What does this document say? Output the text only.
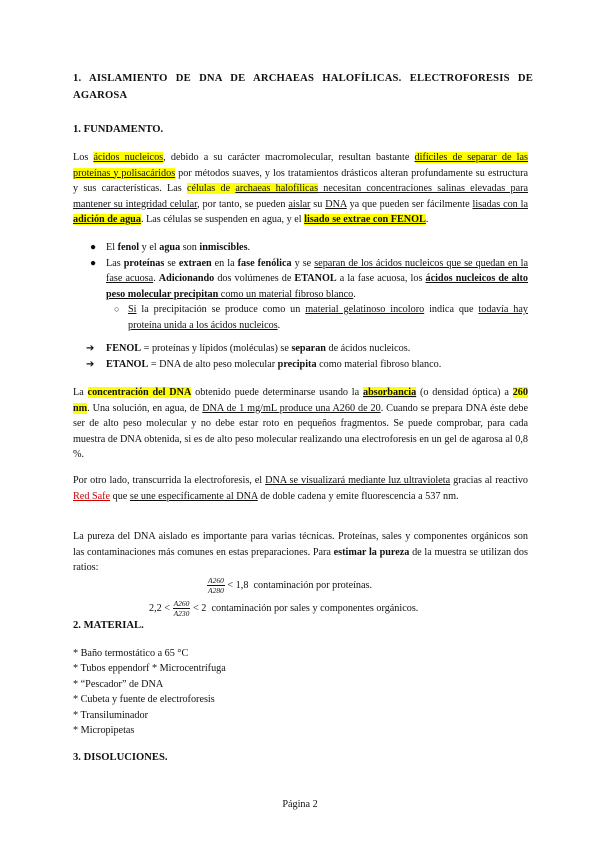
1. AISLAMIENTO DE DNA DE ARCHAEAS HALOFÍLICAS. ELECTROFORESIS DE AGAROSA
1. FUNDAMENTO.
Los ácidos nucleicos, debido a su carácter macromolecular, resultan bastante difíciles de separar de las proteínas y polisacáridos por métodos suaves, y los tratamientos drásticos alteran profundamente su estructura y sus características. Las células de archaeas halofílicas necesitan concentraciones salinas elevadas para mantener su integridad celular, por tanto, se pueden aislar su DNA ya que pueden ser fácilmente lisadas con la adición de agua. Las células se suspenden en agua, y el lisado se extrae con FENOL.
● El fenol y el agua son inmiscibles.
● Las proteínas se extraen en la fase fenólica y se separan de los ácidos nucleicos que se quedan en la fase acuosa. Adicionando dos volúmenes de ETANOL a la fase acuosa, los ácidos nucleicos de alto peso molecular precipitan como un material fibroso blanco.
○ Si la precipitación se produce como un material gelatinoso incoloro indica que todavía hay proteína unida a los ácidos nucleicos.
➔ FENOL = proteínas y lípidos (moléculas) se separan de ácidos nucleicos.
➔ ETANOL = DNA de alto peso molecular precipita como material fibroso blanco.
La concentración del DNA obtenido puede determinarse usando la absorbancia (o densidad óptica) a 260 nm. Una solución, en agua, de DNA de 1 mg/mL produce una A260 de 20. Cuando se prepara DNA éste debe ser de alto peso molecular y no debe estar roto en pequeños fragmentos. Se puede comprobar, para cada muestra de DNA obtenida, si es de alto peso molecular realizando una electroforesis en un gel de agarosa al 0,8 %.
Por otro lado, transcurrida la electroforesis, el DNA se visualizará mediante luz ultravioleta gracias al reactivo Red Safe que se une específicamente al DNA de doble cadena y emite fluorescencia a 537 nm.
La pureza del DNA aislado es importante para varias técnicas. Proteínas, sales y componentes orgánicos son las contaminaciones más comunes en estas preparaciones. Para estimar la pureza de la muestra se utilizan dos ratios:
$\frac{A260}{A280} < 1,8$ contaminación por proteínas.
$2,2 < \frac{A260}{A230} < 2$ contaminación por sales y componentes orgánicos.
2. MATERIAL.
* Baño termostático a 65 °C
* Tubos eppendorf * Microcentrífuga
* “Pescador” de DNA
* Cubeta y fuente de electroforesis
* Transiluminador
* Micropipetas
3. DISOLUCIONES.
Página 2
